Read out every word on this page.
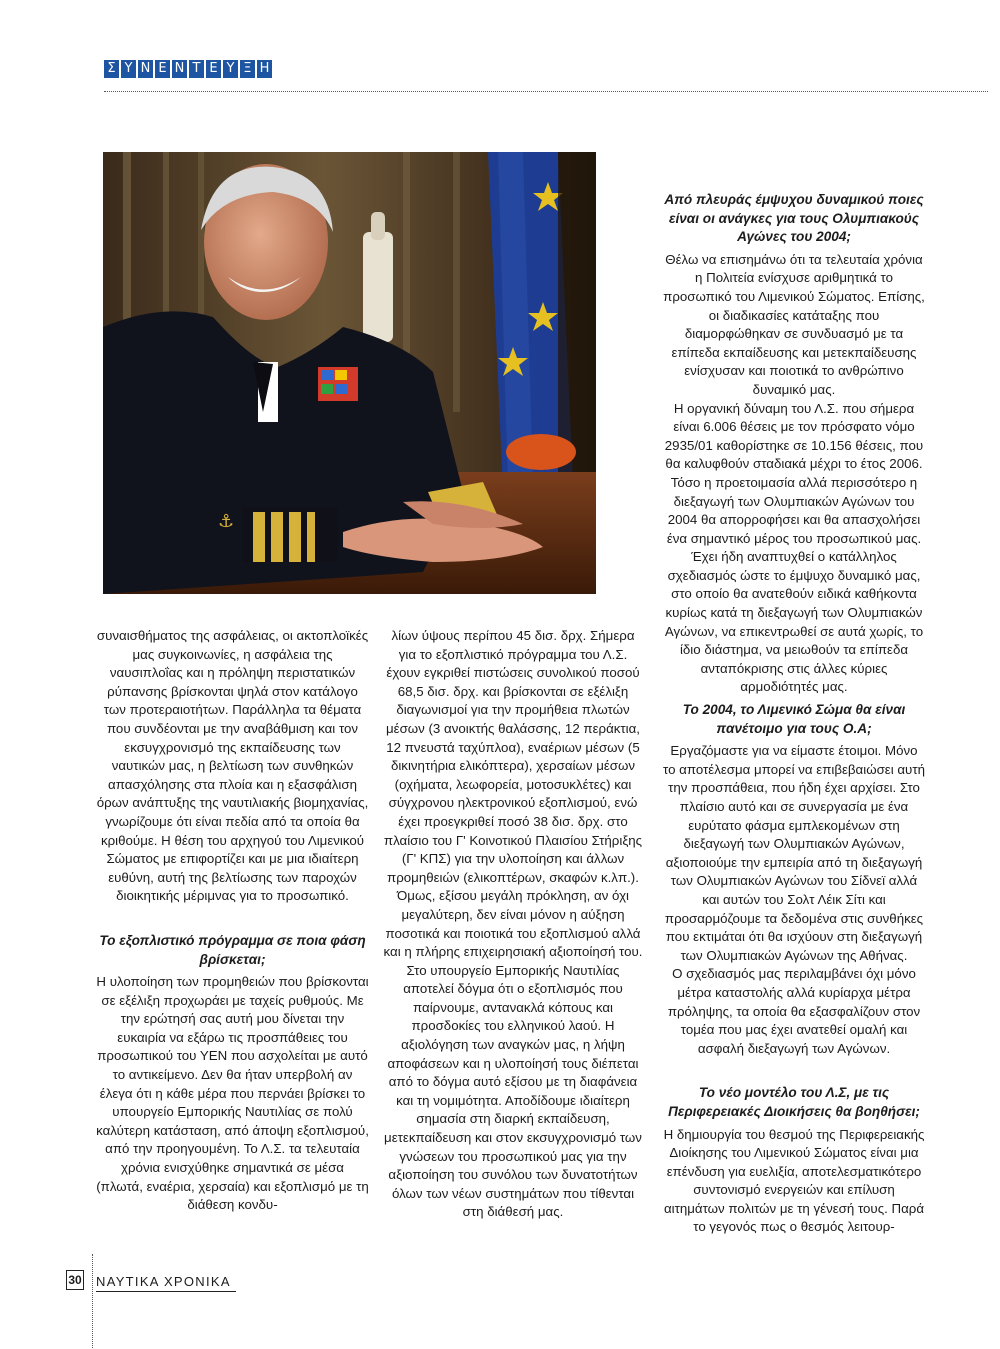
Σ Υ Ν Ε Ν Τ Ε Υ Ξ Η
⚓

συναισθήματος της ασφάλειας, οι ακτοπλοϊκές μας συγκοινωνίες, η ασφάλεια της ναυσιπλοΐας και η πρόληψη περιστατικών ρύπανσης βρίσκονται ψηλά στον κατάλογο των προτεραιοτήτων. Παράλληλα τα θέματα που συνδέονται με την αναβάθμιση και τον εκσυγχρονισμό της εκπαίδευσης των ναυτικών μας, η βελτίωση των συνθηκών απασχόλησης στα πλοία και η εξασφάλιση όρων ανάπτυξης της ναυτιλιακής βιομηχανίας, γνωρίζουμε ότι είναι πεδία από τα οποία θα κριθούμε. Η θέση του αρχηγού του Λιμενικού Σώματος με επιφορτίζει και με μια ιδιαίτερη ευθύνη, αυτή της βελτίωσης των παροχών διοικητικής μέριμνας για το προσωπικό.

Το εξοπλιστικό πρόγραμμα σε ποια φάση βρίσκεται;

Η υλοποίηση των προμηθειών που βρίσκονται σε εξέλιξη προχωράει με ταχείς ρυθμούς. Με την ερώτησή σας αυτή μου δίνεται την ευκαιρία να εξάρω τις προσπάθειες του προσωπικού του ΥΕΝ που ασχολείται με αυτό το αντικείμενο. Δεν θα ήταν υπερβολή αν έλεγα ότι η κάθε μέρα που περνάει βρίσκει το υπουργείο Εμπορικής Ναυτιλίας σε πολύ καλύτερη κατάσταση, από άποψη εξοπλισμού, από την προηγουμένη. Το Λ.Σ. τα τελευταία χρόνια ενισχύθηκε σημαντικά σε μέσα (πλωτά, εναέρια, χερσαία) και εξοπλισμό με τη διάθεση κονδυ-

λίων ύψους περίπου 45 δισ. δρχ. Σήμερα για το εξοπλιστικό πρόγραμμα του Λ.Σ. έχουν εγκριθεί πιστώσεις συνολικού ποσού 68,5 δισ. δρχ. και βρίσκονται σε εξέλιξη διαγωνισμοί για την προμήθεια πλωτών μέσων (3 ανοικτής θαλάσσης, 12 περάκτια, 12 πνευστά ταχύπλοα), εναέριων μέσων (5 δικινητήρια ελικόπτερα), χερσαίων μέσων (οχήματα, λεωφορεία, μοτοσυκλέτες) και σύγχρονου ηλεκτρονικού εξοπλισμού, ενώ έχει προεγκριθεί ποσό 38 δισ. δρχ. στο πλαίσιο του Γ' Κοινοτικού Πλαισίου Στήριξης (Γ' ΚΠΣ) για την υλοποίηση και άλλων προμηθειών (ελικοπτέρων, σκαφών κ.λπ.).

Όμως, εξίσου μεγάλη πρόκληση, αν όχι μεγαλύτερη, δεν είναι μόνον η αύξηση ποσοτικά και ποιοτικά του εξοπλισμού αλλά και η πλήρης επιχειρησιακή αξιοποίησή του. Στο υπουργείο Εμπορικής Ναυτιλίας αποτελεί δόγμα ότι ο εξοπλισμός που παίρνουμε, αντανακλά κόπους και προσδοκίες του ελληνικού λαού. Η αξιολόγηση των αναγκών μας, η λήψη αποφάσεων και η υλοποίησή τους διέπεται από το δόγμα αυτό εξίσου με τη διαφάνεια και τη νομιμότητα. Αποδίδουμε ιδιαίτερη σημασία στη διαρκή εκπαίδευση, μετεκπαίδευση και στον εκσυγχρονισμό των γνώσεων του προσωπικού μας για την αξιοποίηση του συνόλου των δυνατοτήτων όλων των νέων συστημάτων που τίθενται στη διάθεσή μας.

Από πλευράς έμψυχου δυναμικού ποιες είναι οι ανάγκες για τους Ολυμπιακούς Αγώνες του 2004;

Θέλω να επισημάνω ότι τα τελευταία χρόνια η Πολιτεία ενίσχυσε αριθμητικά το προσωπικό του Λιμενικού Σώματος. Επίσης, οι διαδικασίες κατάταξης που διαμορφώθηκαν σε συνδυασμό με τα επίπεδα εκπαίδευσης και μετεκπαίδευσης ενίσχυσαν και ποιοτικά το ανθρώπινο δυναμικό μας.

Η οργανική δύναμη του Λ.Σ. που σήμερα είναι 6.006 θέσεις με τον πρόσφατο νόμο 2935/01 καθορίστηκε σε 10.156 θέσεις, που θα καλυφθούν σταδιακά μέχρι το έτος 2006. Τόσο η προετοιμασία αλλά περισσότερο η διεξαγωγή των Ολυμπιακών Αγώνων του 2004 θα απορροφήσει και θα απασχολήσει ένα σημαντικό μέρος του προσωπικού μας. Έχει ήδη αναπτυχθεί ο κατάλληλος σχεδιασμός ώστε το έμψυχο δυναμικό μας, στο οποίο θα ανατεθούν ειδικά καθήκοντα κυρίως κατά τη διεξαγωγή των Ολυμπιακών Αγώνων, να επικεντρωθεί σε αυτά χωρίς, το ίδιο διάστημα, να μειωθούν τα επίπεδα ανταπόκρισης στις άλλες κύριες αρμοδιότητές μας.

Το 2004, το Λιμενικό Σώμα θα είναι πανέτοιμο για τους Ο.Α;

Εργαζόμαστε για να είμαστε έτοιμοι. Μόνο το αποτέλεσμα μπορεί να επιβεβαιώσει αυτή την προσπάθεια, που ήδη έχει αρχίσει. Στο πλαίσιο αυτό και σε συνεργασία με ένα ευρύτατο φάσμα εμπλεκομένων στη διεξαγωγή των Ολυμπιακών Αγώνων, αξιοποιούμε την εμπειρία από τη διεξαγωγή των Ολυμπιακών Αγώνων του Σίδνεϊ αλλά και αυτών του Σολτ Λέικ Σίτι και προσαρμόζουμε τα δεδομένα στις συνθήκες που εκτιμάται ότι θα ισχύουν στη διεξαγωγή των Ολυμπιακών Αγώνων της Αθήνας.

Ο σχεδιασμός μας περιλαμβάνει όχι μόνο μέτρα καταστολής αλλά κυρίαρχα μέτρα πρόληψης, τα οποία θα εξασφαλίζουν στον τομέα που μας έχει ανατεθεί ομαλή και ασφαλή διεξαγωγή των Αγώνων.

Το νέο μοντέλο του Λ.Σ, με τις Περιφερειακές Διοικήσεις θα βοηθήσει;

Η δημιουργία του θεσμού της Περιφερειακής Διοίκησης του Λιμενικού Σώματος είναι μια επένδυση για ευελιξία, αποτελεσματικότερο συντονισμό ενεργειών και επίλυση αιτημάτων πολιτών με τη γένεσή τους. Παρά το γεγονός πως ο θεσμός λειτουρ-

30 ΝΑΥΤΙΚΑ ΧΡΟΝΙΚΑ
